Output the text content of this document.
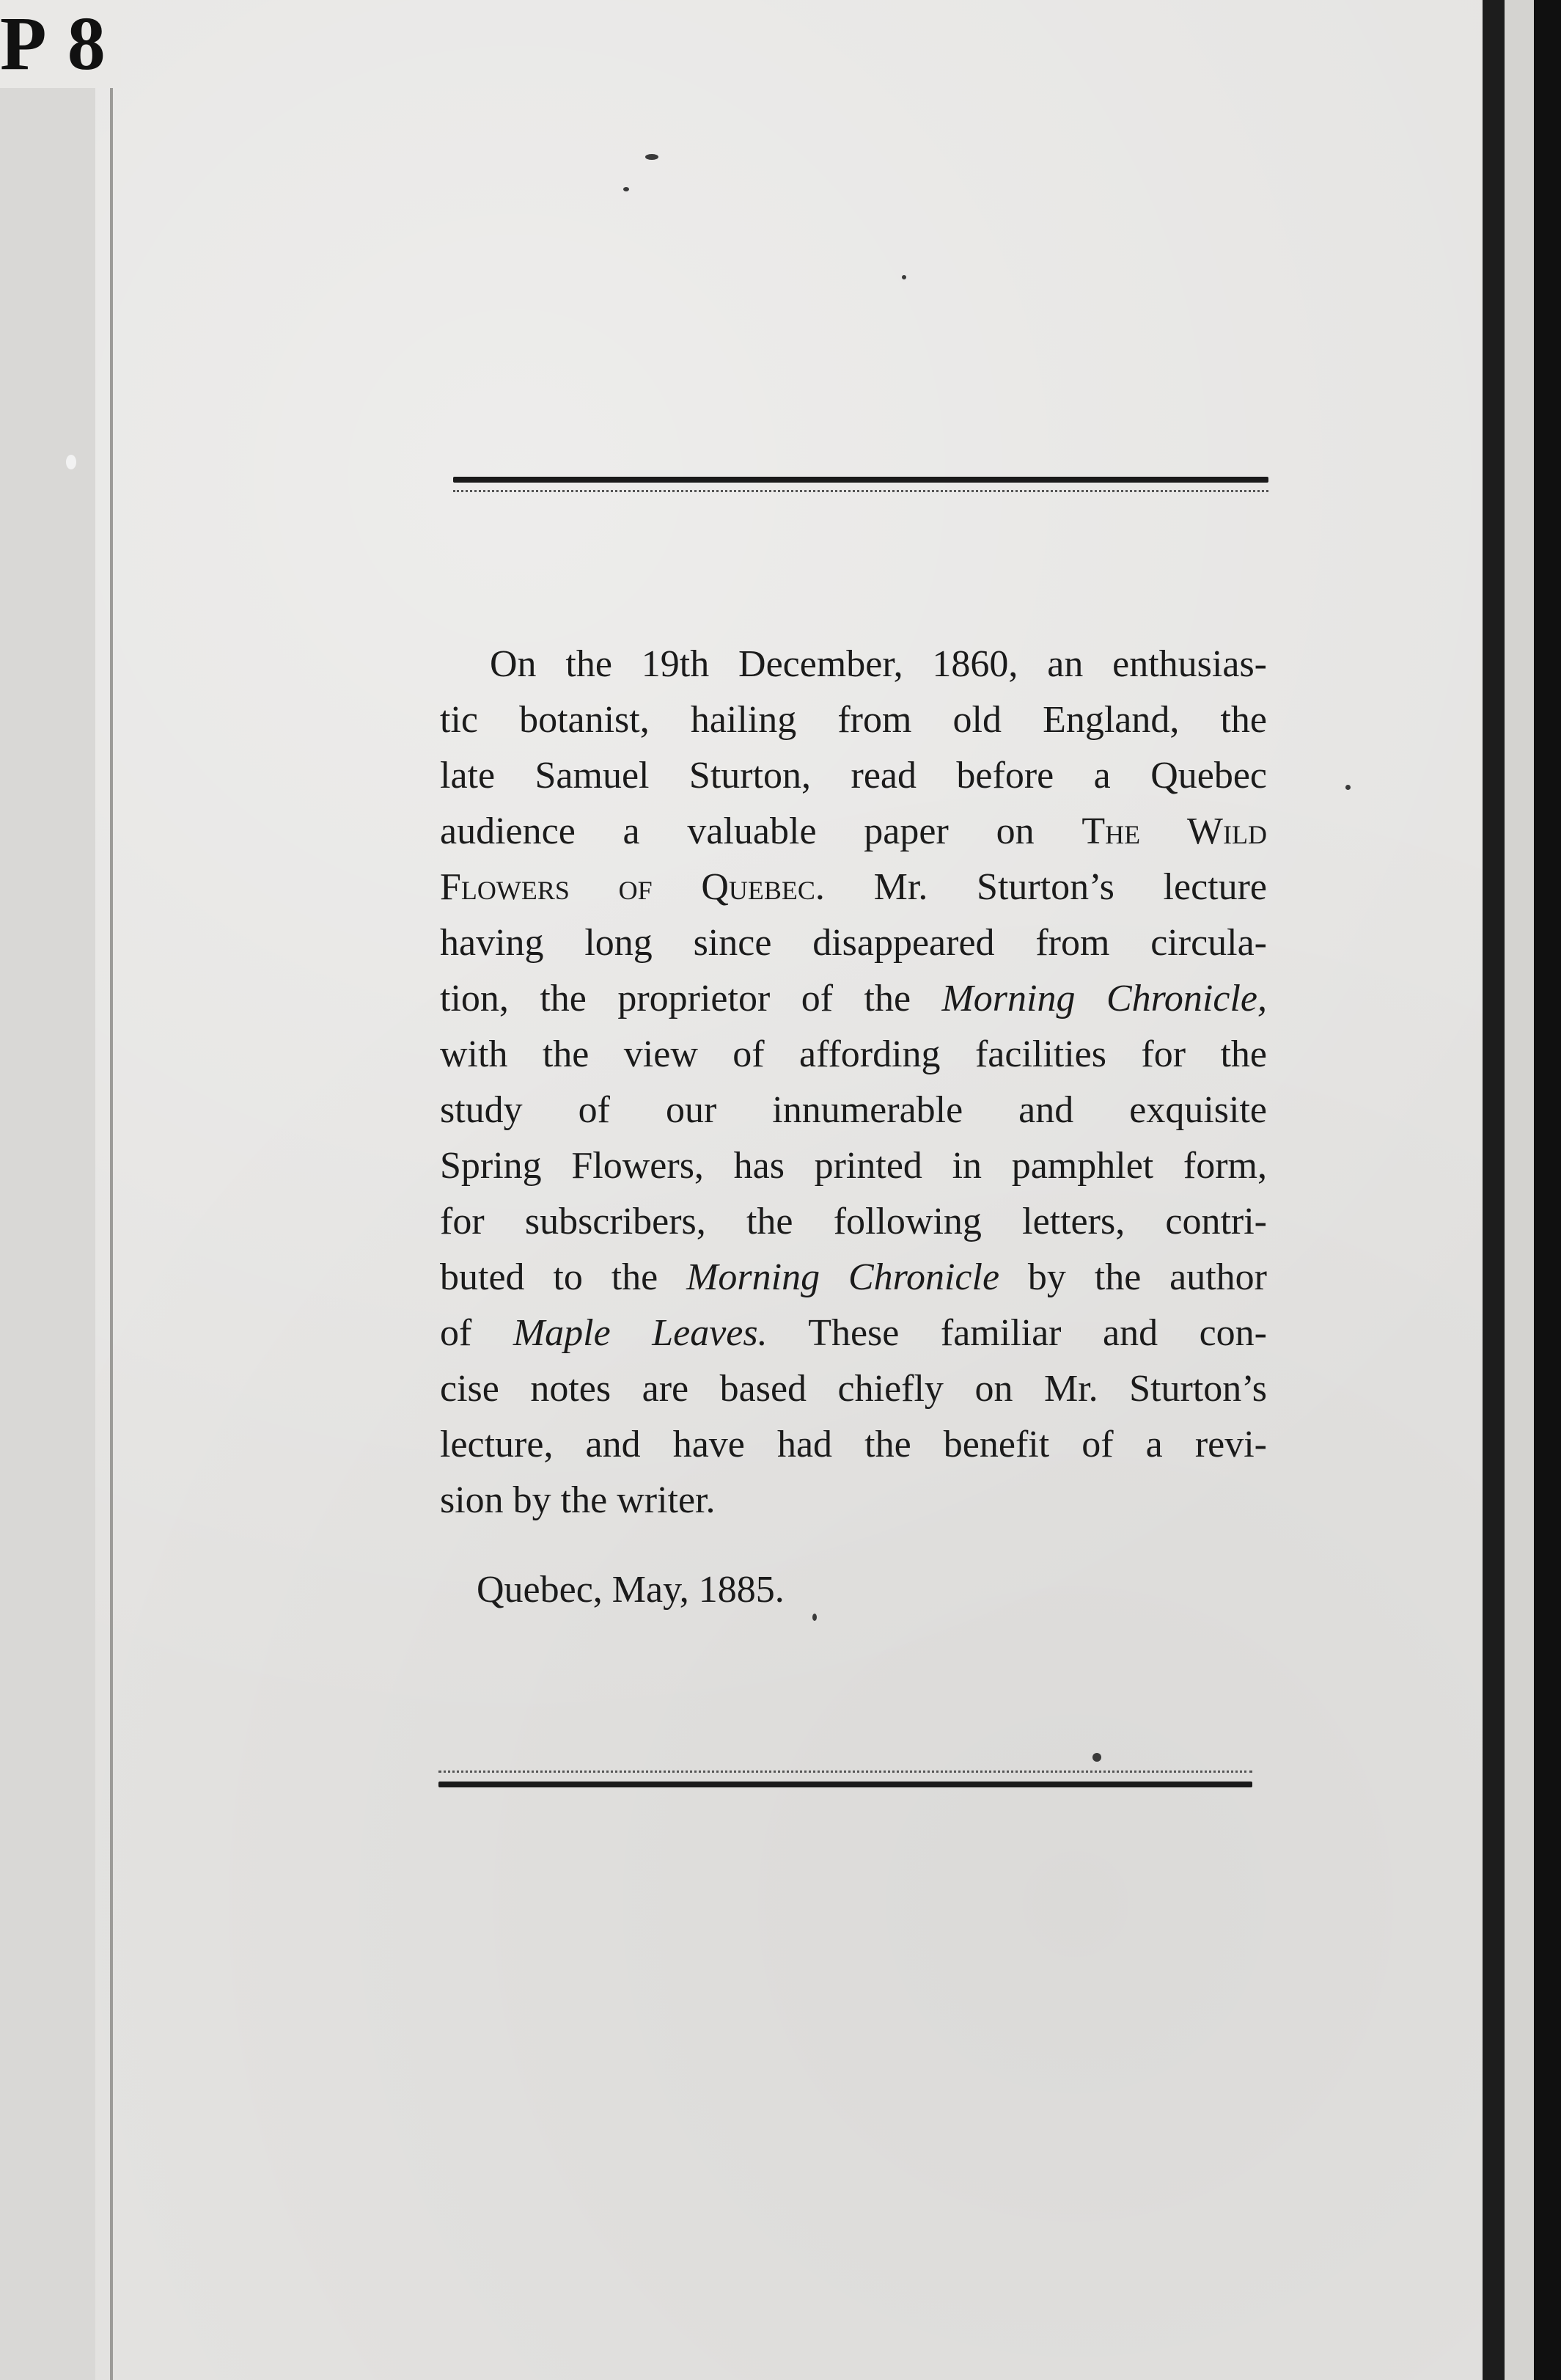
P 8
On the 19th December, 1860, an enthusias-
tic botanist, hailing from old England, the
late Samuel Sturton, read before a Quebec
audience a valuable paper on The Wild
Flowers of Quebec. Mr. Sturton’s lecture
having long since disappeared from circula-
tion, the proprietor of the Morning Chronicle,
with the view of affording facilities for the
study of our innumerable and exquisite
Spring Flowers, has printed in pamphlet form,
for subscribers, the following letters, contri-
buted to the Morning Chronicle by the author
of Maple Leaves. These familiar and con-
cise notes are based chiefly on Mr. Sturton’s
lecture, and have had the benefit of a revi-
sion by the writer.
Quebec, May, 1885.
